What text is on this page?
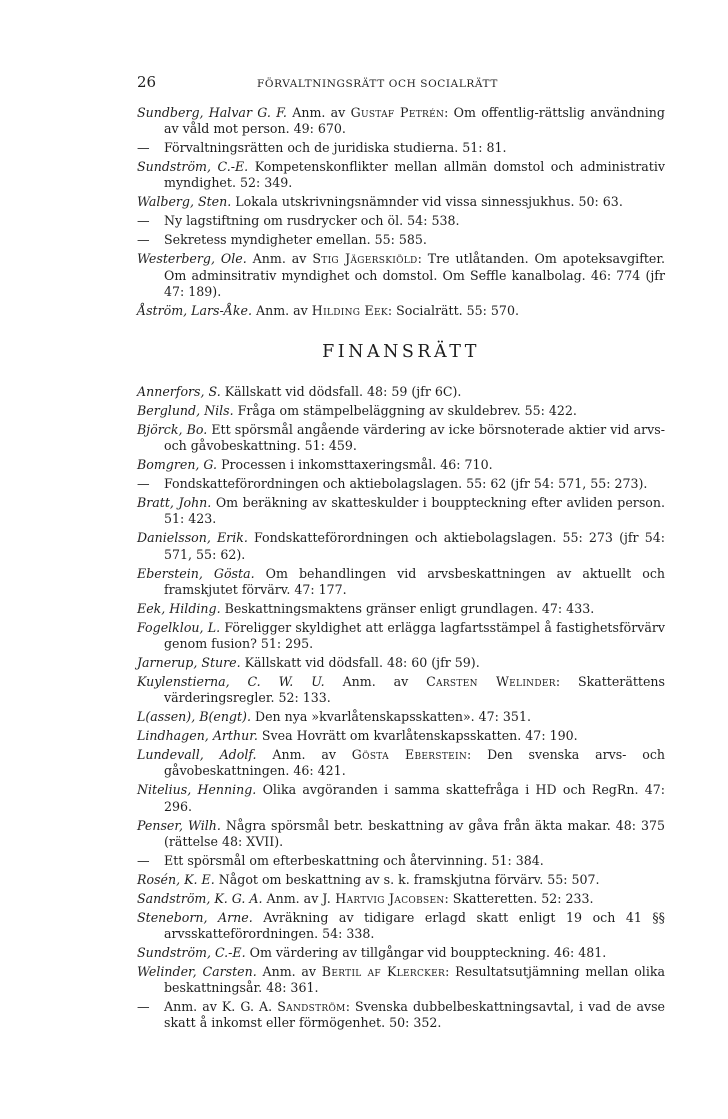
26	FÖRVALTNINGSRÄTT OCH SOCIALRÄTT
Sundberg, Halvar G. F. Anm. av Gustaf Petrén: Om offentlig-rättslig användning av våld mot person. 49: 670.
— Förvaltningsrätten och de juridiska studierna. 51: 81.
Sundström, C.-E. Kompetenskonflikter mellan allmän domstol och administrativ myndighet. 52: 349.
Walberg, Sten. Lokala utskrivningsnämnder vid vissa sinnessjukhus. 50: 63.
— Ny lagstiftning om rusdrycker och öl. 54: 538.
— Sekretess myndigheter emellan. 55: 585.
Westerberg, Ole. Anm. av Stig Jägerskiöld: Tre utlåtanden. Om apoteksavgifter. Om adminsitrativ myndighet och domstol. Om Seffle kanalbolag. 46: 774 (jfr 47: 189).
Åström, Lars-Åke. Anm. av Hilding Eek: Socialrätt. 55: 570.
FINANSRÄTT
Annerfors, S. Källskatt vid dödsfall. 48: 59 (jfr 6C).
Berglund, Nils. Fråga om stämpelbeläggning av skuldebrev. 55: 422.
Björck, Bo. Ett spörsmål angående värdering av icke börsnoterade aktier vid arvs- och gåvobeskattning. 51: 459.
Bomgren, G. Processen i inkomsttaxeringsmål. 46: 710.
— Fondskatteförordningen och aktiebolagslagen. 55: 62 (jfr 54: 571, 55: 273).
Bratt, John. Om beräkning av skatteskulder i bouppteckning efter avliden person. 51: 423.
Danielsson, Erik. Fondskatteförordningen och aktiebolagslagen. 55: 273 (jfr 54: 571, 55: 62).
Eberstein, Gösta. Om behandlingen vid arvsbeskattningen av aktuellt och framskjutet förvärv. 47: 177.
Eek, Hilding. Beskattningsmaktens gränser enligt grundlagen. 47: 433.
Fogelklou, L. Föreligger skyldighet att erlägga lagfartsstämpel å fastighetsförvärv genom fusion? 51: 295.
Jarnerup, Sture. Källskatt vid dödsfall. 48: 60 (jfr 59).
Kuylenstierna, C. W. U. Anm. av Carsten Welinder: Skatterättens värderingsregler. 52: 133.
L(assen), B(engt). Den nya »kvarlåtenskapsskatten». 47: 351.
Lindhagen, Arthur. Svea Hovrätt om kvarlåtenskapsskatten. 47: 190.
Lundevall, Adolf. Anm. av Gösta Eberstein: Den svenska arvs- och gåvobeskattningen. 46: 421.
Nitelius, Henning. Olika avgöranden i samma skattefråga i HD och RegRn. 47: 296.
Penser, Wilh. Några spörsmål betr. beskattning av gåva från äkta makar. 48: 375 (rättelse 48: XVII).
— Ett spörsmål om efterbeskattning och återvinning. 51: 384.
Rosén, K. E. Något om beskattning av s. k. framskjutna förvärv. 55: 507.
Sandström, K. G. A. Anm. av J. Hartvig Jacobsen: Skatteretten. 52: 233.
Steneborn, Arne. Avräkning av tidigare erlagd skatt enligt 19 och 41 §§ arvsskatteförordningen. 54: 338.
Sundström, C.-E. Om värdering av tillgångar vid bouppteckning. 46: 481.
Welinder, Carsten. Anm. av Bertil af Klercker: Resultatsutjämning mellan olika beskattningsår. 48: 361.
— Anm. av K. G. A. Sandström: Svenska dubbelbeskattningsavtal, i vad de avse skatt å inkomst eller förmögenhet. 50: 352.
